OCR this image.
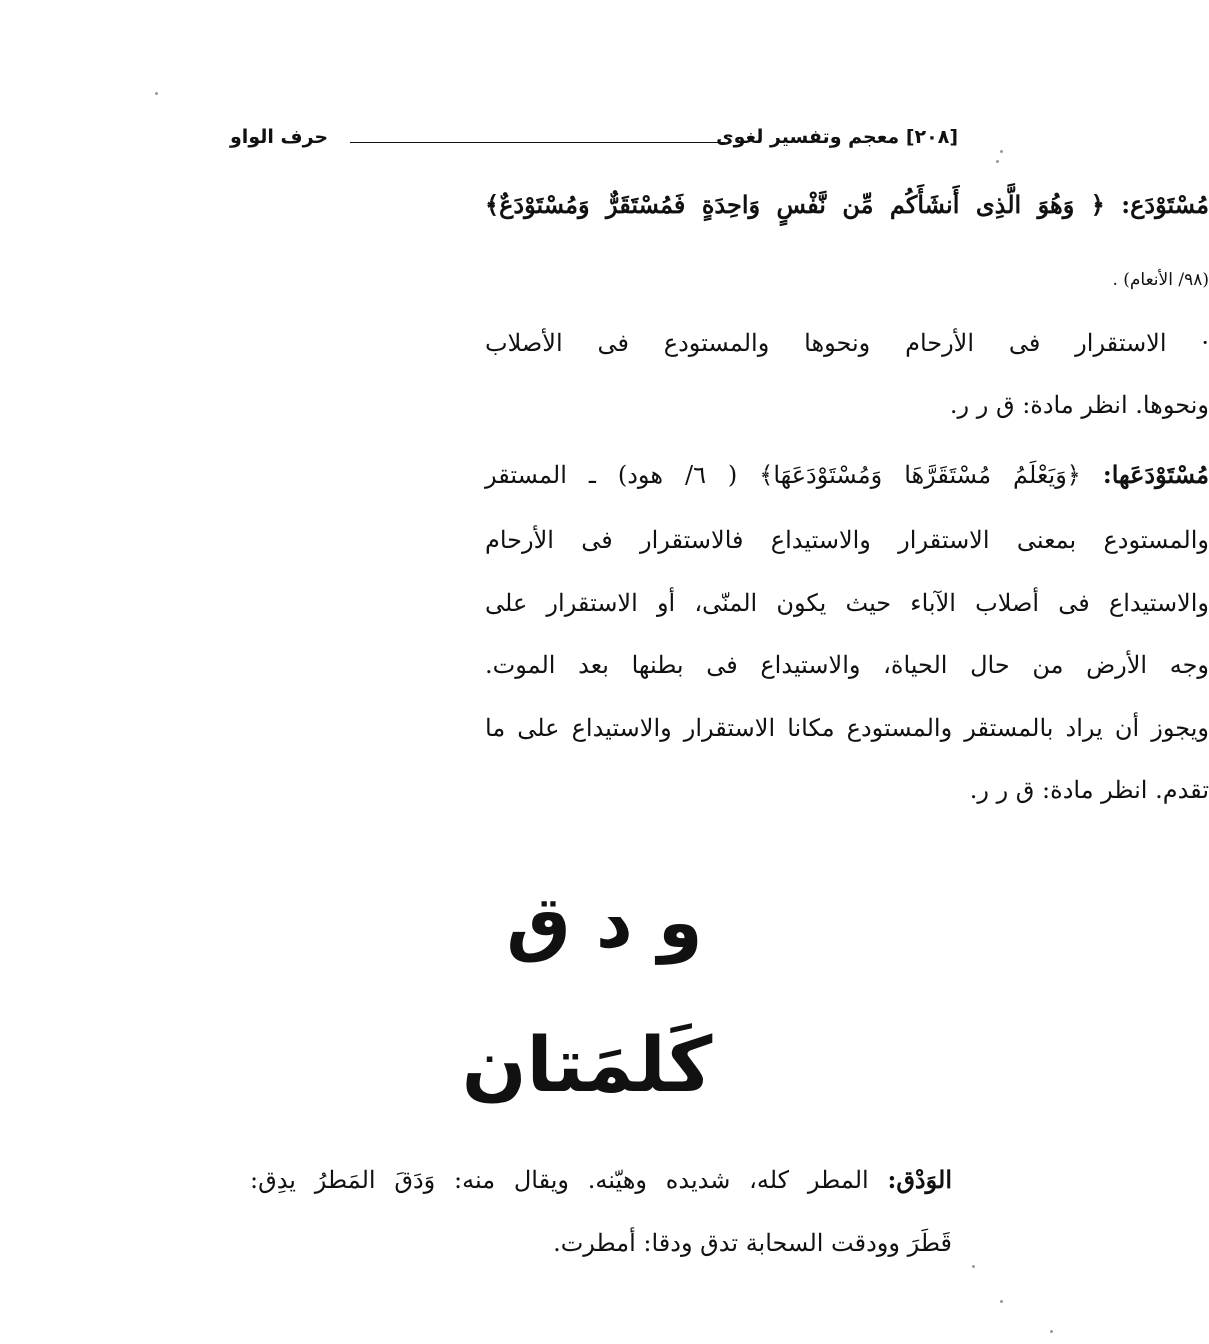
حرف الواو	[٢٠٨] معجم وتفسير لغوى
مُسْتَوْدَع: ﴿ وَهُوَ الَّذِى أَنشَأَكُم مِّن نَّفْسٍ وَاحِدَةٍ فَمُسْتَقَرٌّ وَمُسْتَوْدَعٌ﴾
(٩٨/ الأنعام) .
· الاستقرار فى الأرحام ونحوها والمستودع فى الأصلاب
ونحوها. انظر مادة: ق ر ر.
مُسْتَوْدَعَها: ﴿وَيَعْلَمُ مُسْتَقَرَّهَا وَمُسْتَوْدَعَهَا﴾ ( ٦/ هود) ـ المستقر
والمستودع بمعنى الاستقرار والاستيداع فالاستقرار فى الأرحام
والاستيداع فى أصلاب الآباء حيث يكون المنّى، أو الاستقرار على
وجه الأرض من حال الحياة، والاستيداع فى بطنها بعد الموت.
ويجوز أن يراد بالمستقر والمستودع مكانا الاستقرار والاستيداع على ما
تقدم. انظر مادة: ق ر ر.
و د ق
كَلمَتان
الوَدْق: المطر كله، شديده وهيّنه. ويقال منه: وَدَقَ المَطرُ يدِق:
قَطَرَ وودقت السحابة تدق ودقا: أمطرت.
